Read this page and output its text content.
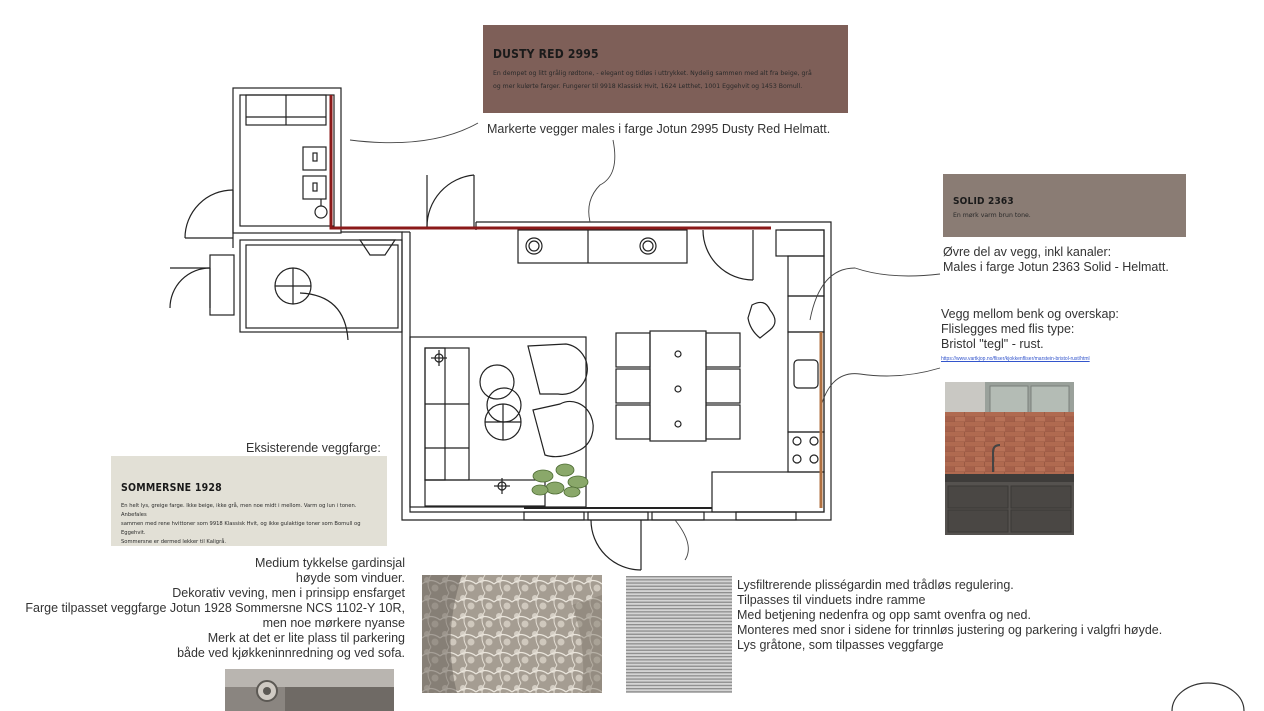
DUSTY RED 2995
En dempet og litt grålig rødtone, - elegant og tidløs i uttrykket. Nydelig sammen med alt fra beige, grå
og mer kulørte farger. Fungerer til 9918 Klassisk Hvit, 1624 Letthet, 1001 Eggehvit og 1453 Bomull.
SOLID 2363
En mørk varm brun tone.
SOMMERSNE 1928
En helt lys, greige farge. Ikke beige, ikke grå, men noe midt i mellom. Varm og lun i tonen. Anbefales
sammen med rene hvittoner som 9918 Klassisk Hvit, og ikke gulaktige toner som Bomull og Eggehvit.
Sommersne er dermed lekker til Kaligrå.
Markerte vegger males i farge Jotun 2995 Dusty Red Helmatt.
Øvre del av vegg, inkl kanaler:
Males i farge Jotun 2363 Solid - Helmatt.
Vegg mellom benk og overskap:
Flislegges med flis type:
Bristol "tegl" - rust.
https://www.vartkjop.no/fliser/kjokkenfliser/marstein-bristol-rust/html
Eksisterende veggfarge:
Medium tykkelse gardinsjal
høyde som vinduer.
Dekorativ veving, men i prinsipp ensfarget
Farge tilpasset veggfarge Jotun 1928 Sommersne NCS 1102-Y 10R,
men noe mørkere nyanse
Merk at det er lite plass til parkering
både ved kjøkkeninnredning og ved sofa.
Lysfiltrerende plisségardin med trådløs regulering.
Tilpasses til vinduets indre ramme
Med betjening nedenfra og opp samt ovenfra og ned.
Monteres med snor i sidene for trinnløs justering og parkering i valgfri høyde.
Lys gråtone, som tilpasses veggfarge
